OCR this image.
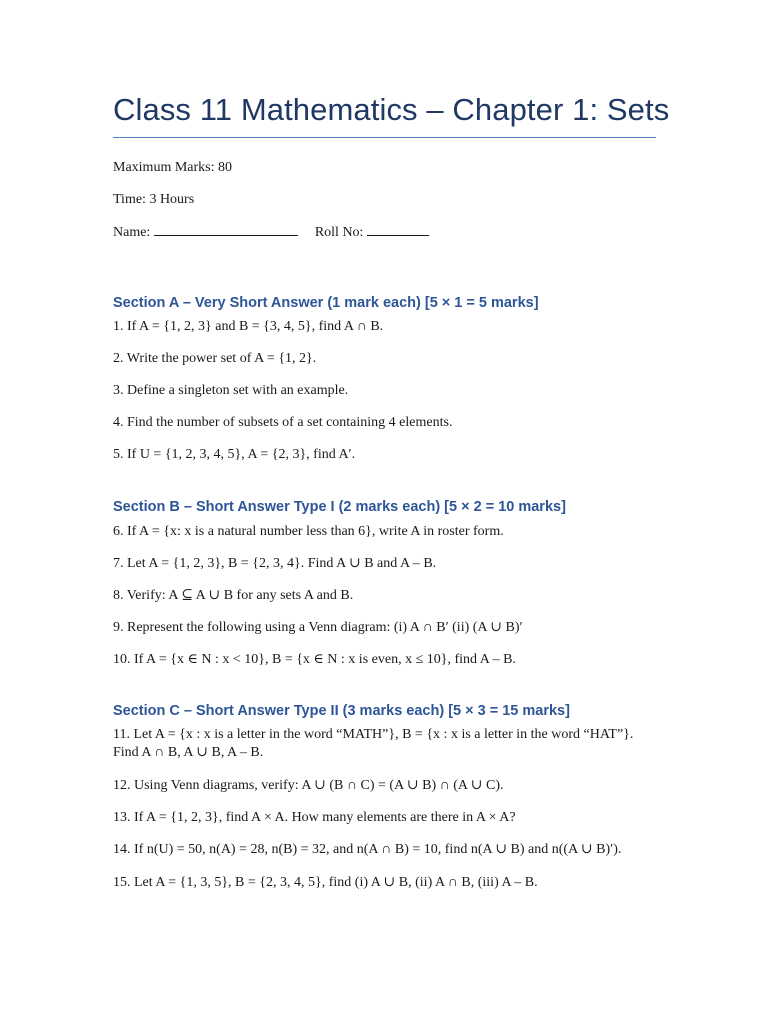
Class 11 Mathematics – Chapter 1: Sets

Maximum Marks: 80

Time: 3 Hours

Name:	Roll No:

Section A – Very Short Answer (1 mark each) [5 × 1 = 5 marks]

1. If A = {1, 2, 3} and B = {3, 4, 5}, find A ∩ B.

2. Write the power set of A = {1, 2}.

3. Define a singleton set with an example.

4. Find the number of subsets of a set containing 4 elements.

5. If U = {1, 2, 3, 4, 5}, A = {2, 3}, find A′.

Section B – Short Answer Type I (2 marks each) [5 × 2 = 10 marks]

6. If A = {x: x is a natural number less than 6}, write A in roster form.

7. Let A = {1, 2, 3}, B = {2, 3, 4}. Find A ∪ B and A – B.

8. Verify: A ⊆ A ∪ B for any sets A and B.

9. Represent the following using a Venn diagram: (i) A ∩ B′ (ii) (A ∪ B)′

10. If A = {x ∈ N : x < 10}, B = {x ∈ N : x is even, x ≤ 10}, find A – B.

Section C – Short Answer Type II (3 marks each) [5 × 3 = 15 marks]

11. Let A = {x : x is a letter in the word “MATH”}, B = {x : x is a letter in the word “HAT”}. Find A ∩ B, A ∪ B, A – B.

12. Using Venn diagrams, verify: A ∪ (B ∩ C) = (A ∪ B) ∩ (A ∪ C).

13. If A = {1, 2, 3}, find A × A. How many elements are there in A × A?

14. If n(U) = 50, n(A) = 28, n(B) = 32, and n(A ∩ B) = 10, find n(A ∪ B) and n((A ∪ B)′).

15. Let A = {1, 3, 5}, B = {2, 3, 4, 5}, find (i) A ∪ B, (ii) A ∩ B, (iii) A – B.
